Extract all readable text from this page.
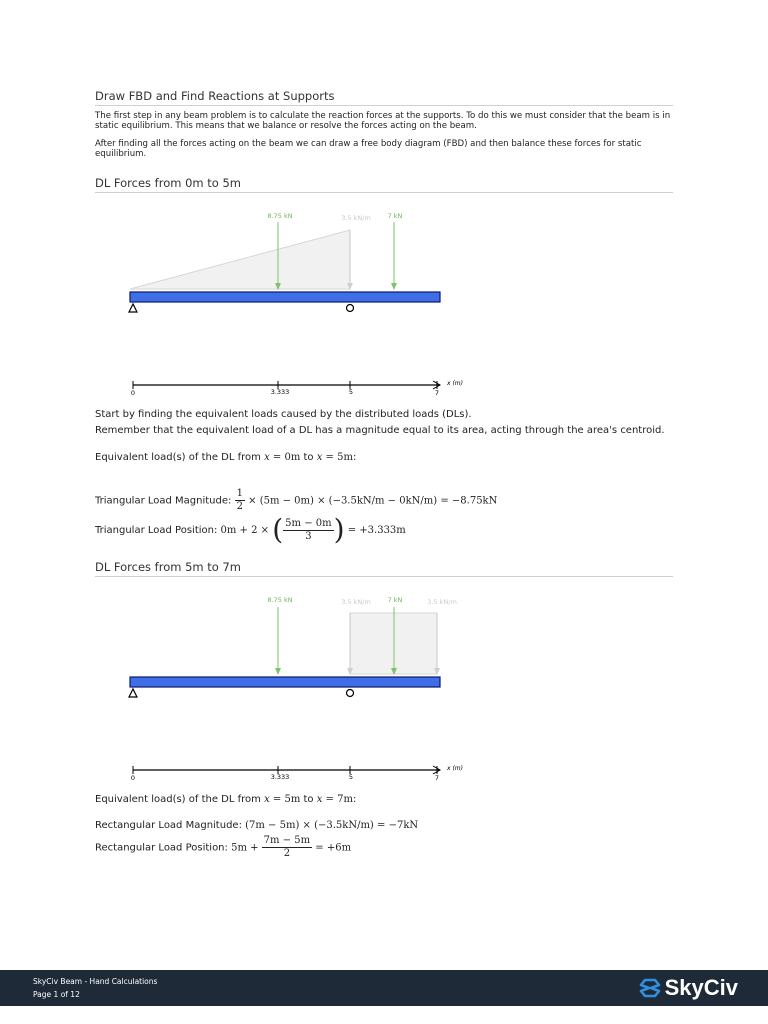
Draw FBD and Find Reactions at Supports
The first step in any beam problem is to calculate the reaction forces at the supports. To do this we must consider that the beam is in static equilibrium. This means that we balance or resolve the forces acting on the beam.
After finding all the forces acting on the beam we can draw a free body diagram (FBD) and then balance these forces for static equilibrium.
DL Forces from 0m to 5m
8.75 kN	3.5 kN/m	7 kN
0	3.333	5	7
x (m)
Start by finding the equivalent loads caused by the distributed loads (DLs).
Remember that the equivalent load of a DL has a magnitude equal to its area, acting through the area's centroid.
Equivalent load(s) of the DL from x = 0m to x = 5m:
Triangular Load Magnitude: $\frac{1}{2} \times (5m - 0m) \times (-3.5kN/m - 0kN/m) = -8.75kN$
Triangular Load Position: 0m + 2 × ( $\frac{5m - 0m}{3}$ ) = +3.333m
DL Forces from 5m to 7m
8.75 kN	3.5 kN/m	7 kN	3.5 kN/m
0	3.333	5	7
x (m)
Equivalent load(s) of the DL from x = 5m to x = 7m:
Rectangular Load Magnitude: (7m − 5m) × (−3.5kN/m) = −7kN
Rectangular Load Position: $5m + \frac{7m - 5m}{2} = +6m$
SkyCiv Beam - Hand Calculations
Page 1 of 12	SkyCiv
